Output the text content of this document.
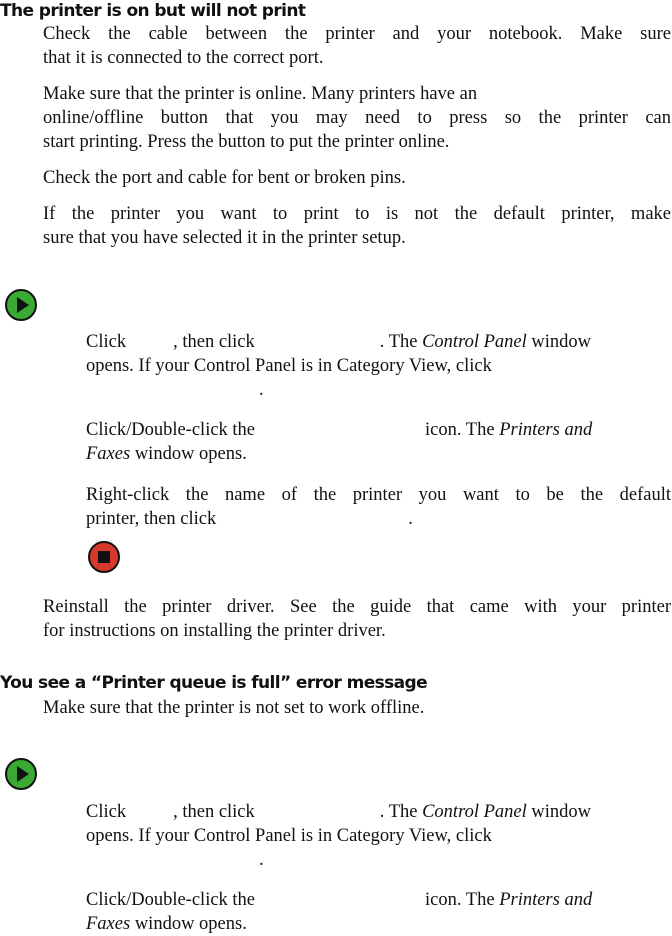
The printer is on but will not print
Check the cable between the printer and your notebook. Make sure
that it is connected to the correct port.
Make sure that the printer is online. Many printers have an
online/offline button that you may need to press so the printer can
start printing. Press the button to put the printer online.
Check the port and cable for bent or broken pins.
If the printer you want to print to is not the default printer, make
sure that you have selected it in the printer setup.
Click	, then click	. The Control Panel window
opens. If your Control Panel is in Category View, click
.
Click/Double-click the	icon. The Printers and
Faxes window opens.
Right-click the name of the printer you want to be the default
printer, then click	.
Reinstall the printer driver. See the guide that came with your printer
for instructions on installing the printer driver.
You see a “Printer queue is full” error message
Make sure that the printer is not set to work offline.
Click	, then click	. The Control Panel window
opens. If your Control Panel is in Category View, click
.
Click/Double-click the	icon. The Printers and
Faxes window opens.
